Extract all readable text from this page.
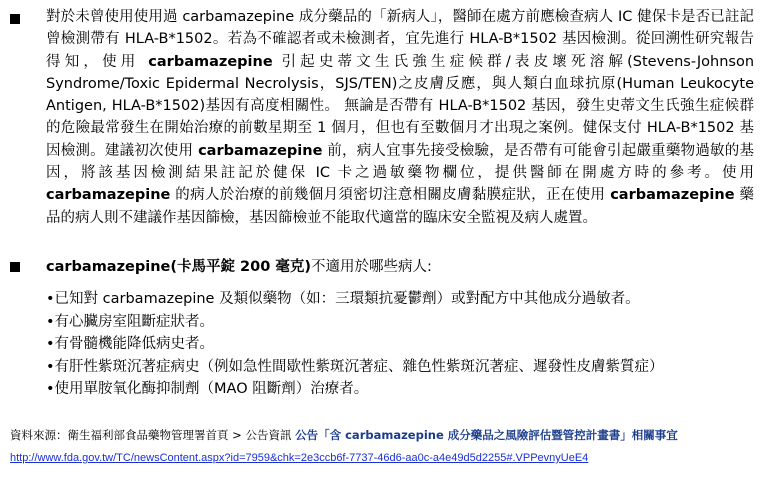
對於未曾使用使用過 carbamazepine 成分藥品的「新病人」，醫師在處方前應檢查病人 IC 健保卡是否已註記曾檢測帶有 HLA-B*1502。若為不確認者或未檢測者，宜先進行 HLA-B*1502 基因檢測。從回溯性研究報告得知，使用 carbamazepine 引起史蒂文生氏強生症候群/表皮壞死溶解(Stevens-Johnson Syndrome/Toxic Epidermal Necrolysis，SJS/TEN)之皮膚反應，與人類白血球抗原(Human Leukocyte Antigen, HLA-B*1502)基因有高度相關性。 無論是否帶有 HLA-B*1502 基因，發生史蒂文生氏強生症候群的危險最常發生在開始治療的前數星期至 1 個月，但也有至數個月才出現之案例。健保支付 HLA-B*1502 基因檢測。建議初次使用 carbamazepine 前，病人宜事先接受檢驗，是否帶有可能會引起嚴重藥物過敏的基因，將該基因檢測結果註記於健保 IC 卡之過敏藥物欄位，提供醫師在開處方時的參考。使用 carbamazepine 的病人於治療的前幾個月須密切注意相關皮膚黏膜症狀，正在使用 carbamazepine 藥品的病人則不建議作基因篩檢，基因篩檢並不能取代適當的臨床安全監視及病人處置。
carbamazepine(卡馬平錠 200 毫克)不適用於哪些病人:
•已知對 carbamazepine 及類似藥物（如：三環類抗憂鬱劑）或對配方中其他成分過敏者。
•有心臟房室阻斷症狀者。
•有骨髓機能降低病史者。
•有肝性紫斑沉著症病史（例如急性間歇性紫斑沉著症、雜色性紫斑沉著症、遲發性皮膚紫質症）
•使用單胺氧化酶抑制劑（MAO 阻斷劑）治療者。
資料來源：衛生福利部食品藥物管理署首頁 > 公告資訊 公告「含 carbamazepine 成分藥品之風險評估暨管控計畫書」相關事宜
http://www.fda.gov.tw/TC/newsContent.aspx?id=7959&chk=2e3ccb6f-7737-46d6-aa0c-a4e49d5d2255#.VPPevnyUeE4
